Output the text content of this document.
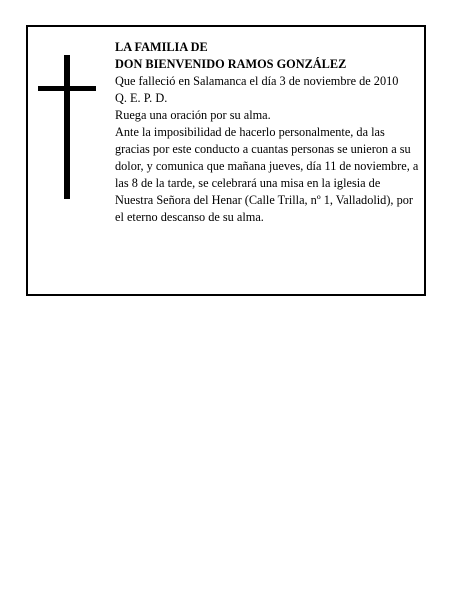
LA FAMILIA DE

DON BIENVENIDO RAMOS GONZÁLEZ

Que falleció en Salamanca el día 3 de noviembre de 2010

Q. E. P. D.

Ruega una oración por su alma.

Ante la imposibilidad de hacerlo personalmente, da las gracias por este conducto a cuantas personas se unieron a su dolor, y comunica que mañana jueves, día 11 de noviembre, a las 8 de la tarde, se celebrará una misa en la iglesia de Nuestra Señora del Henar (Calle Trilla, nº 1, Valladolid), por el eterno descanso de su alma.
